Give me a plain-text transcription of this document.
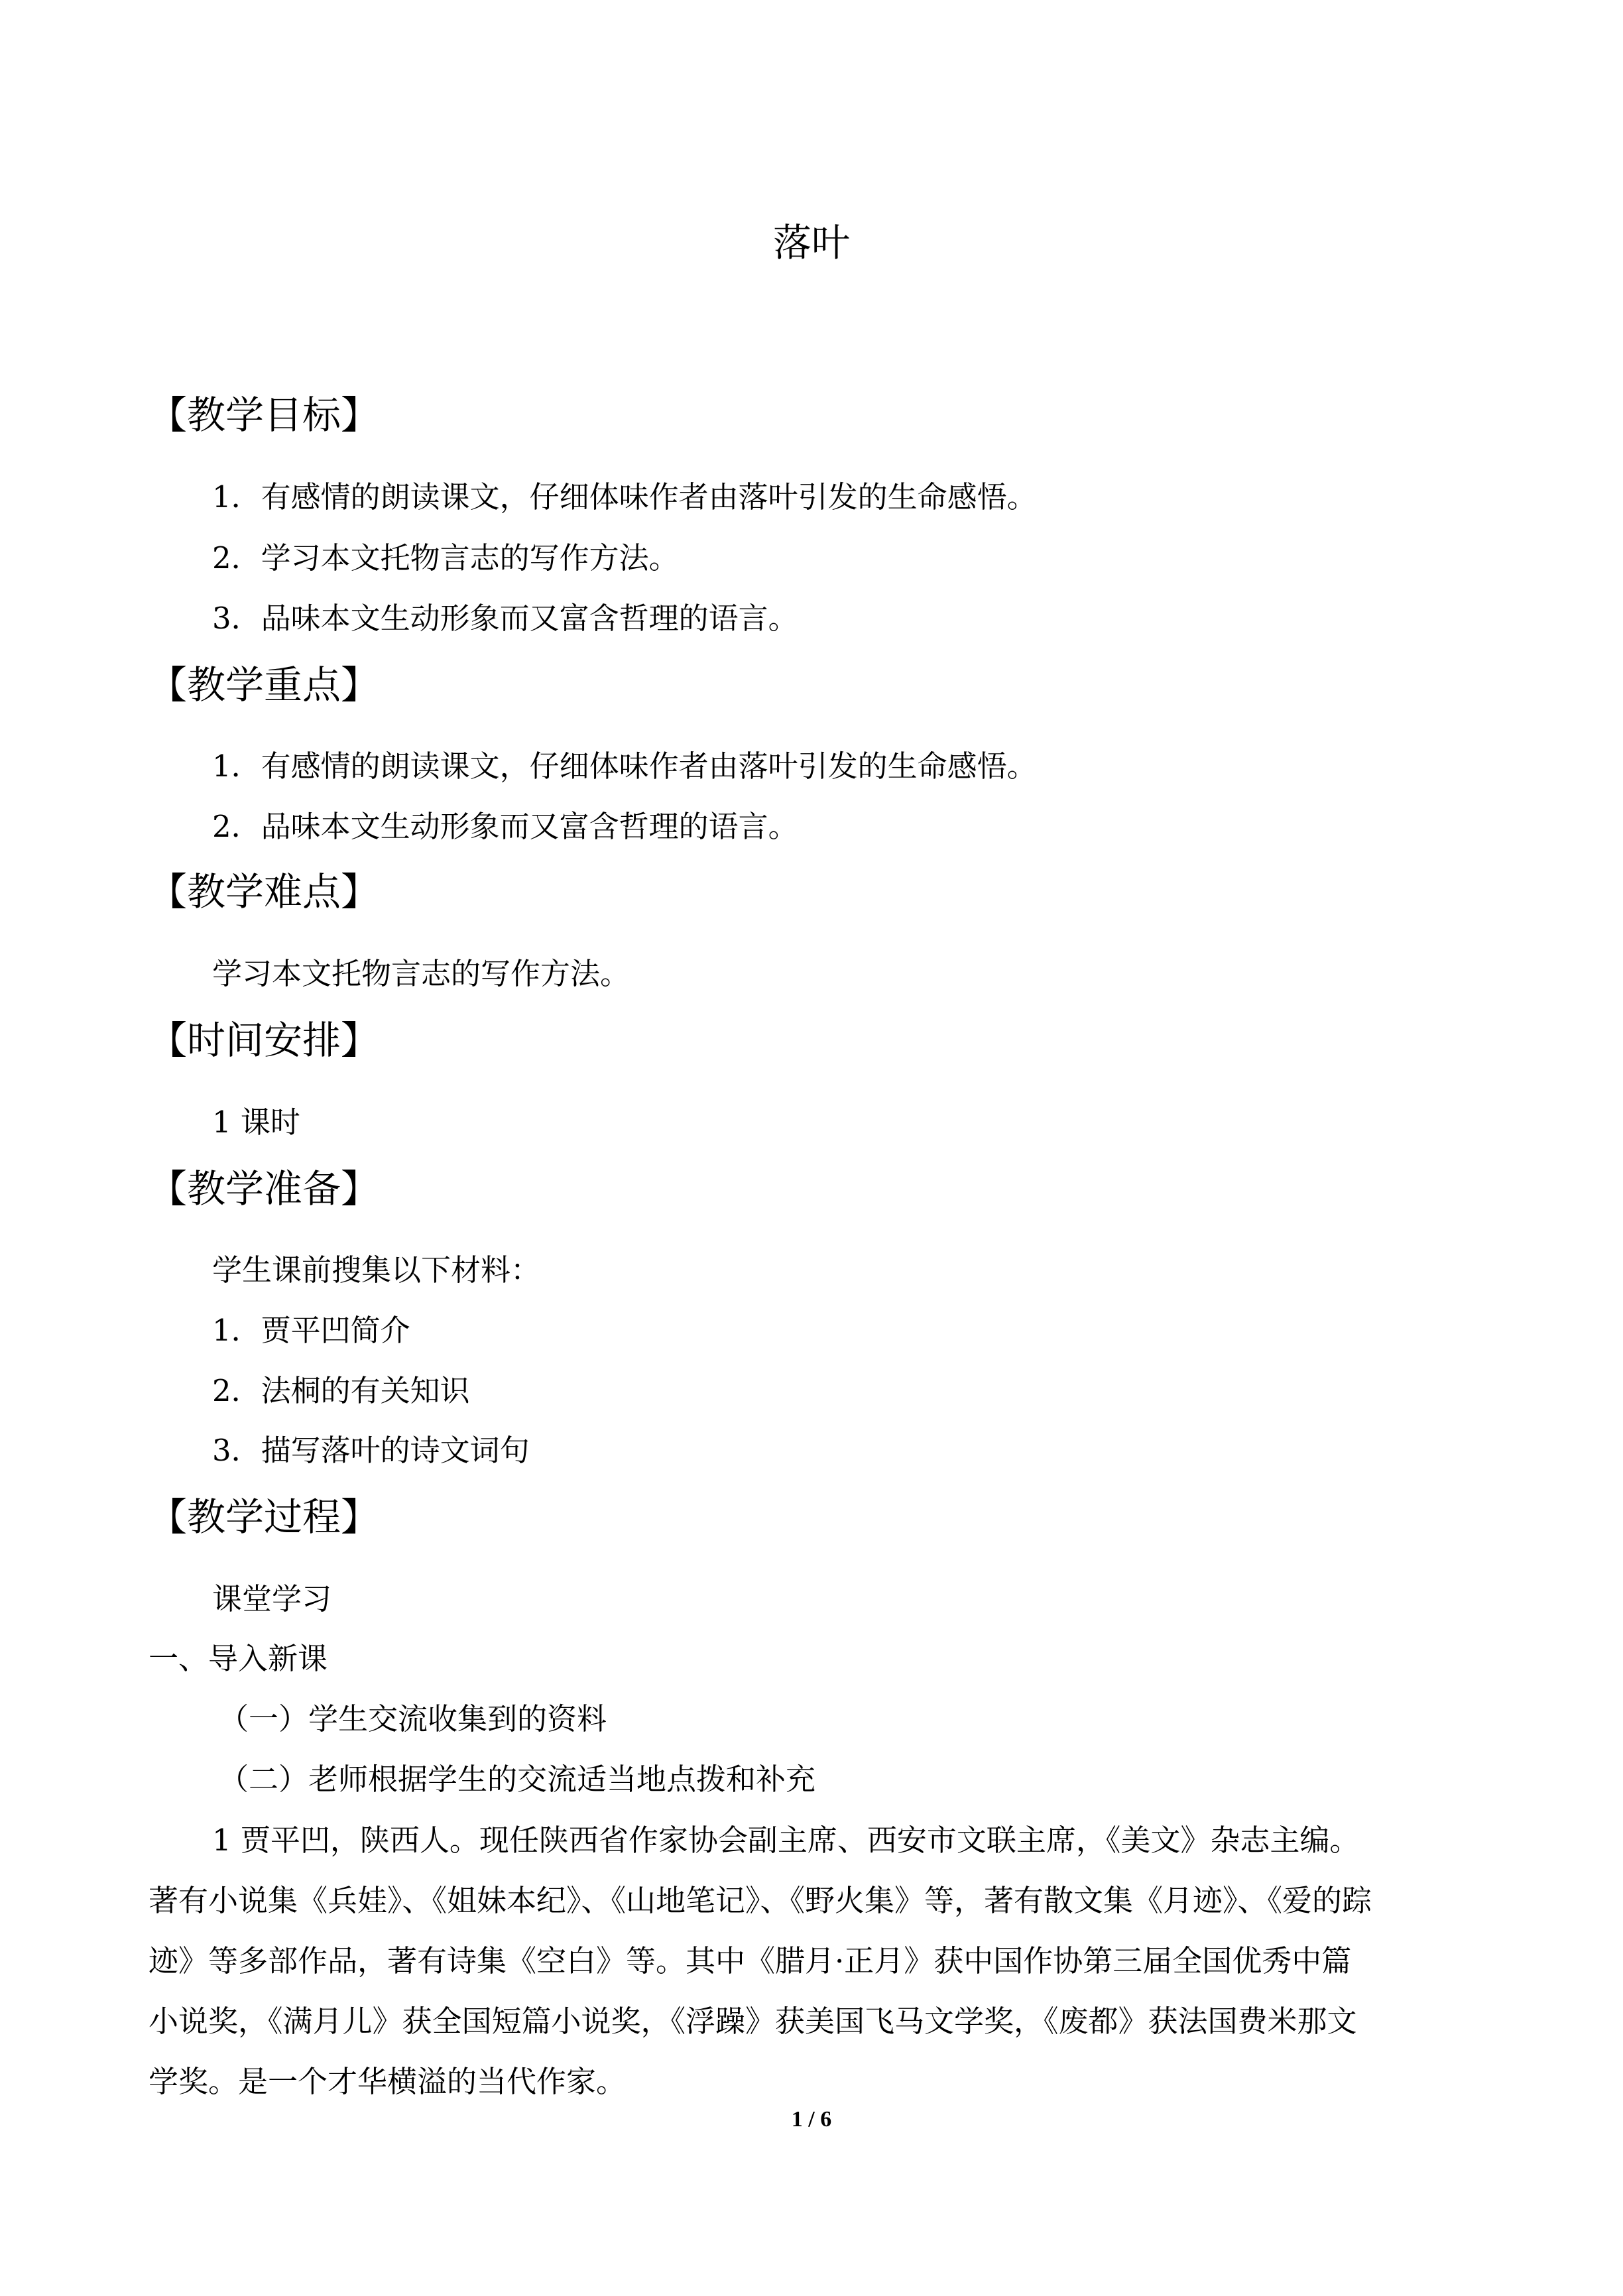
落叶
【教学目标】
1．有感情的朗读课文，仔细体味作者由落叶引发的生命感悟。
2．学习本文托物言志的写作方法。
3．品味本文生动形象而又富含哲理的语言。
【教学重点】
1．有感情的朗读课文，仔细体味作者由落叶引发的生命感悟。
2．品味本文生动形象而又富含哲理的语言。
【教学难点】
学习本文托物言志的写作方法。
【时间安排】
1 课时
【教学准备】
学生课前搜集以下材料：
1．贾平凹简介
2．法桐的有关知识
3．描写落叶的诗文词句
【教学过程】
课堂学习
一、导入新课
（一）学生交流收集到的资料
（二）老师根据学生的交流适当地点拨和补充
1 贾平凹，陕西人。现任陕西省作家协会副主席、西安市文联主席，《美文》杂志主编。
著有小说集《兵娃》、《姐妹本纪》、《山地笔记》、《野火集》等，著有散文集《月迹》、《爱的踪
迹》等多部作品，著有诗集《空白》等。其中《腊月·正月》获中国作协第三届全国优秀中篇
小说奖，《满月儿》获全国短篇小说奖，《浮躁》获美国飞马文学奖，《废都》获法国费米那文
学奖。是一个才华横溢的当代作家。
1 / 6
